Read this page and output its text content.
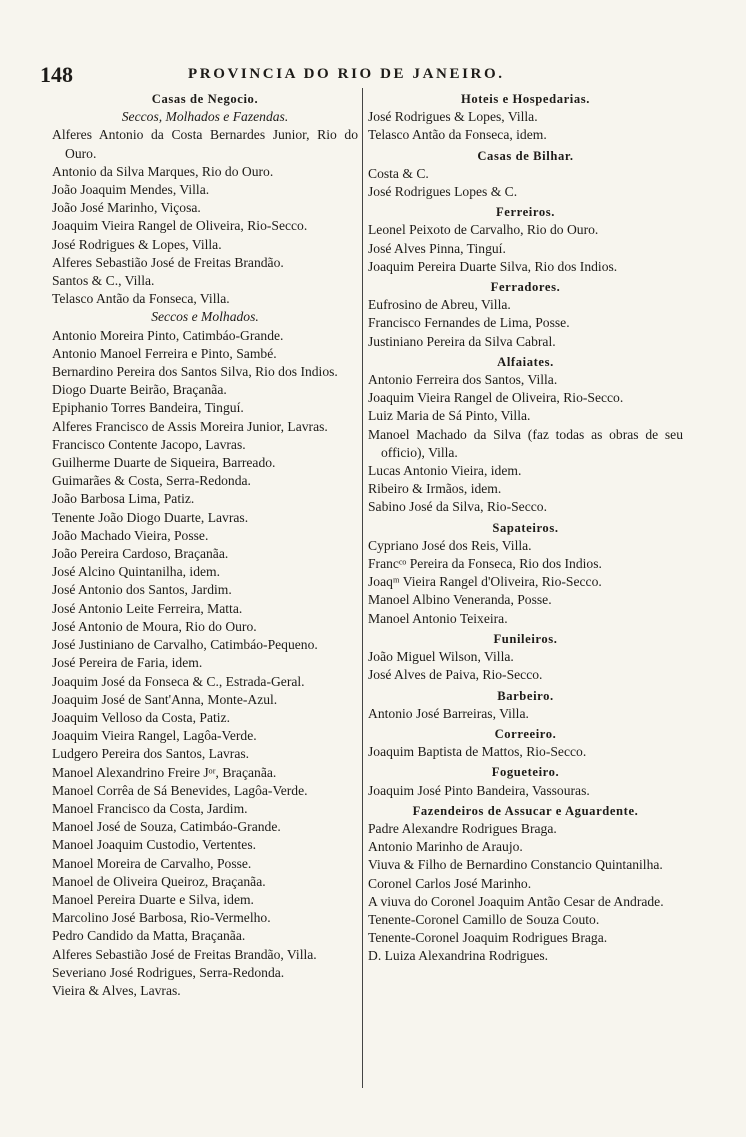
148	PROVINCIA DO RIO DE JANEIRO.
Casas de Negocio.
Seccos, Molhados e Fazendas.
Alferes Antonio da Costa Bernardes Junior, Rio do Ouro.
Antonio da Silva Marques, Rio do Ouro.
João Joaquim Mendes, Villa.
João José Marinho, Viçosa.
Joaquim Vieira Rangel de Oliveira, Rio-Secco.
José Rodrigues & Lopes, Villa.
Alferes Sebastião José de Freitas Brandão.
Santos & C., Villa.
Telasco Antão da Fonseca, Villa.
Seccos e Molhados.
Antonio Moreira Pinto, Catimbáo-Grande.
Antonio Manoel Ferreira e Pinto, Sambé.
Bernardino Pereira dos Santos Silva, Rio dos Indios.
Diogo Duarte Beirão, Braçanãa.
Epiphanio Torres Bandeira, Tinguí.
Alferes Francisco de Assis Moreira Junior, Lavras.
Francisco Contente Jacopo, Lavras.
Guilherme Duarte de Siqueira, Barreado.
Guimarães & Costa, Serra-Redonda.
João Barbosa Lima, Patiz.
Tenente João Diogo Duarte, Lavras.
João Machado Vieira, Posse.
João Pereira Cardoso, Braçanãa.
José Alcino Quintanilha, idem.
José Antonio dos Santos, Jardim.
José Antonio Leite Ferreira, Matta.
José Antonio de Moura, Rio do Ouro.
José Justiniano de Carvalho, Catimbáo-Pequeno.
José Pereira de Faria, idem.
Joaquim José da Fonseca & C., Estrada-Geral.
Joaquim José de Sant'Anna, Monte-Azul.
Joaquim Velloso da Costa, Patiz.
Joaquim Vieira Rangel, Lagôa-Verde.
Ludgero Pereira dos Santos, Lavras.
Manoel Alexandrino Freire Jᵒʳ, Braçanãa.
Manoel Corrêa de Sá Benevides, Lagôa-Verde.
Manoel Francisco da Costa, Jardim.
Manoel José de Souza, Catimbáo-Grande.
Manoel Joaquim Custodio, Vertentes.
Manoel Moreira de Carvalho, Posse.
Manoel de Oliveira Queiroz, Braçanãa.
Manoel Pereira Duarte e Silva, idem.
Marcolino José Barbosa, Rio-Vermelho.
Pedro Candido da Matta, Braçanãa.
Alferes Sebastião José de Freitas Brandão, Villa.
Severiano José Rodrigues, Serra-Redonda.
Vieira & Alves, Lavras.
Hoteis e Hospedarias.
José Rodrigues & Lopes, Villa.
Telasco Antão da Fonseca, idem.
Casas de Bilhar.
Costa & C.
José Rodrigues Lopes & C.
Ferreiros.
Leonel Peixoto de Carvalho, Rio do Ouro.
José Alves Pinna, Tinguí.
Joaquim Pereira Duarte Silva, Rio dos Indios.
Ferradores.
Eufrosino de Abreu, Villa.
Francisco Fernandes de Lima, Posse.
Justiniano Pereira da Silva Cabral.
Alfaiates.
Antonio Ferreira dos Santos, Villa.
Joaquim Vieira Rangel de Oliveira, Rio-Secco.
Luiz Maria de Sá Pinto, Villa.
Manoel Machado da Silva (faz todas as obras de seu officio), Villa.
Lucas Antonio Vieira, idem.
Ribeiro & Irmãos, idem.
Sabino José da Silva, Rio-Secco.
Sapateiros.
Cypriano José dos Reis, Villa.
Francᶜᵒ Pereira da Fonseca, Rio dos Indios.
Joaqᵐ Vieira Rangel d'Oliveira, Rio-Secco.
Manoel Albino Veneranda, Posse.
Manoel Antonio Teixeira.
Funileiros.
João Miguel Wilson, Villa.
José Alves de Paiva, Rio-Secco.
Barbeiro.
Antonio José Barreiras, Villa.
Correeiro.
Joaquim Baptista de Mattos, Rio-Secco.
Fogueteiro.
Joaquim José Pinto Bandeira, Vassouras.
Fazendeiros de Assucar e Aguardente.
Padre Alexandre Rodrigues Braga.
Antonio Marinho de Araujo.
Viuva & Filho de Bernardino Constancio Quintanilha.
Coronel Carlos José Marinho.
A viuva do Coronel Joaquim Antão Cesar de Andrade.
Tenente-Coronel Camillo de Souza Couto.
Tenente-Coronel Joaquim Rodrigues Braga.
D. Luiza Alexandrina Rodrigues.
